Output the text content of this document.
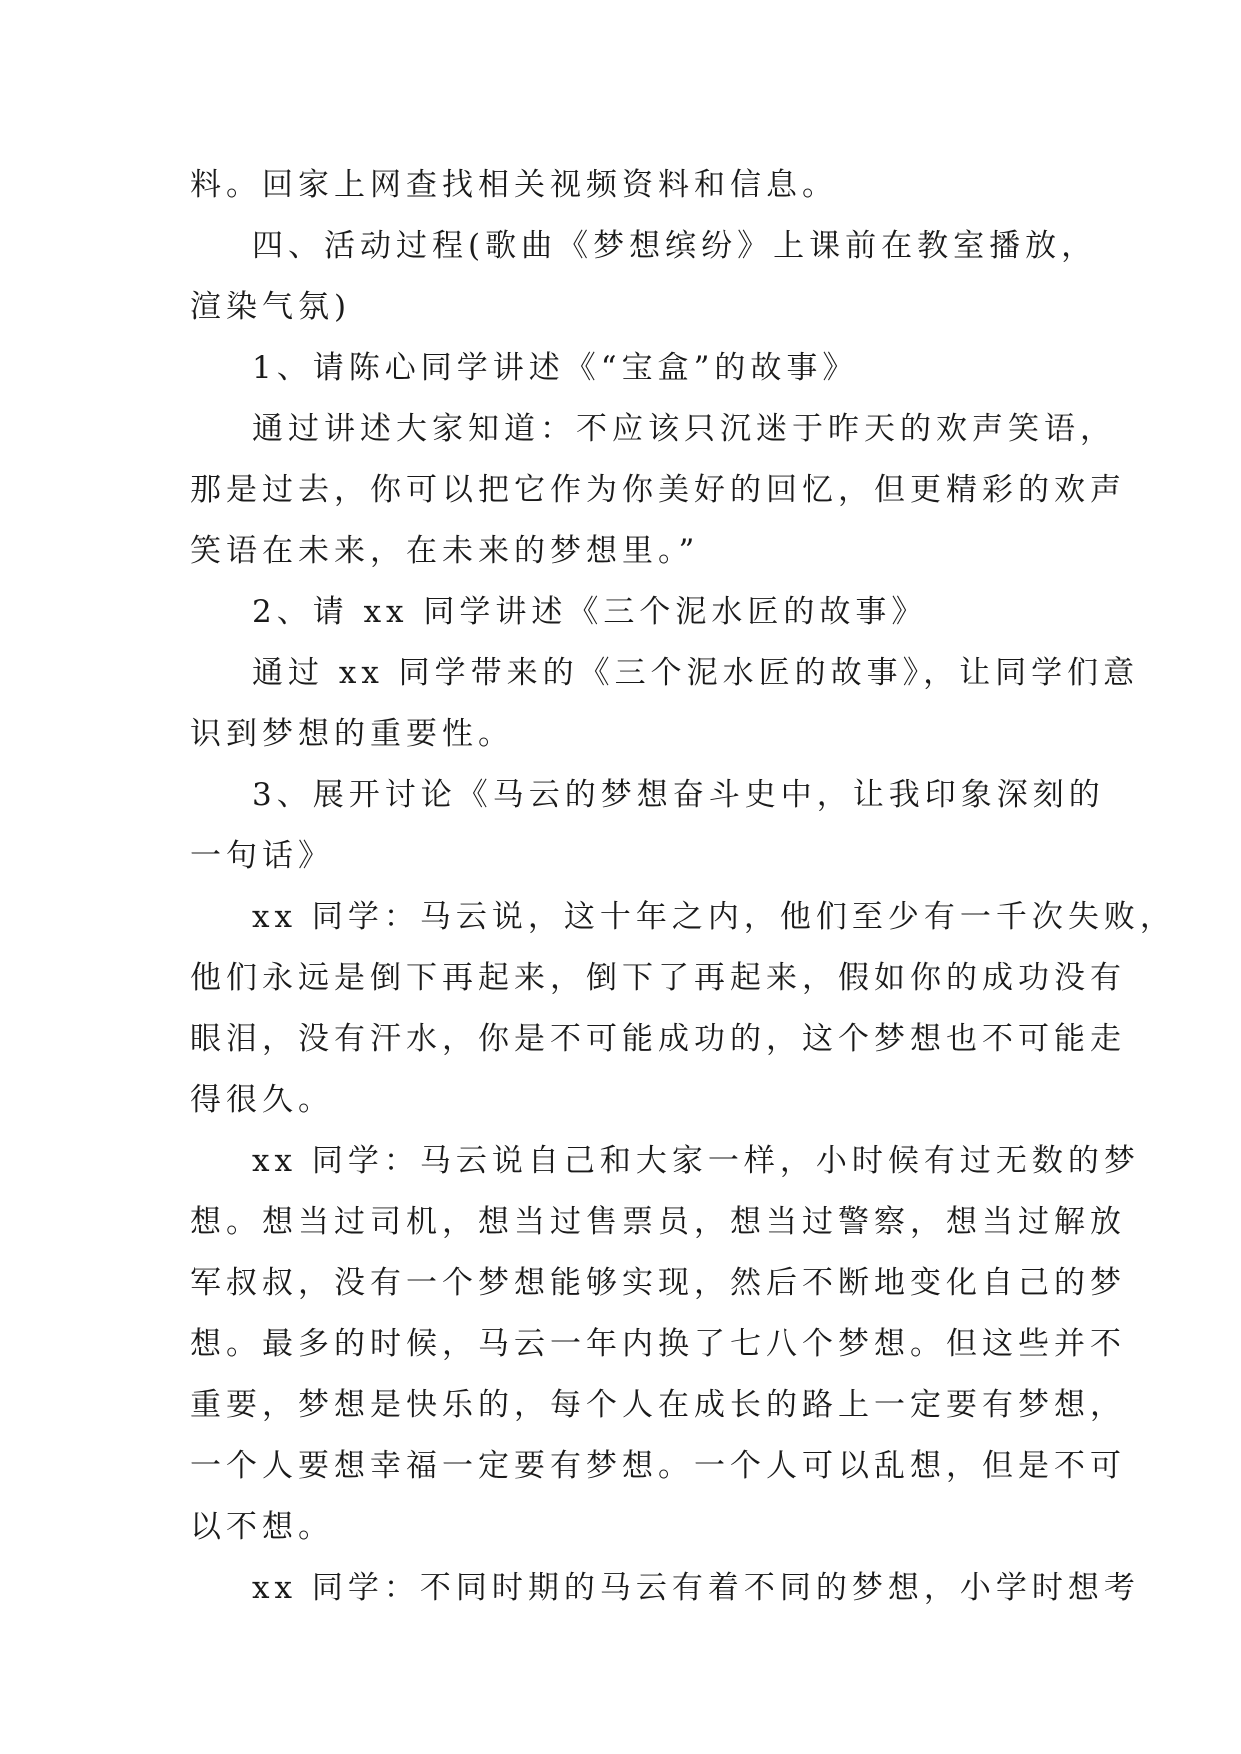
料。回家上网查找相关视频资料和信息。
四、活动过程(歌曲《梦想缤纷》上课前在教室播放，
渲染气氛)
1、请陈心同学讲述《“宝盒”的故事》
通过讲述大家知道：不应该只沉迷于昨天的欢声笑语，
那是过去，你可以把它作为你美好的回忆，但更精彩的欢声
笑语在未来，在未来的梦想里。”
2、请 xx 同学讲述《三个泥水匠的故事》
通过 xx 同学带来的《三个泥水匠的故事》，让同学们意
识到梦想的重要性。
3、展开讨论《马云的梦想奋斗史中，让我印象深刻的
一句话》
xx 同学：马云说，这十年之内，他们至少有一千次失败，
他们永远是倒下再起来，倒下了再起来，假如你的成功没有
眼泪，没有汗水，你是不可能成功的，这个梦想也不可能走
得很久。
xx 同学：马云说自己和大家一样，小时候有过无数的梦
想。想当过司机，想当过售票员，想当过警察，想当过解放
军叔叔，没有一个梦想能够实现，然后不断地变化自己的梦
想。最多的时候，马云一年内换了七八个梦想。但这些并不
重要，梦想是快乐的，每个人在成长的路上一定要有梦想，
一个人要想幸福一定要有梦想。一个人可以乱想，但是不可
以不想。
xx 同学：不同时期的马云有着不同的梦想，小学时想考
